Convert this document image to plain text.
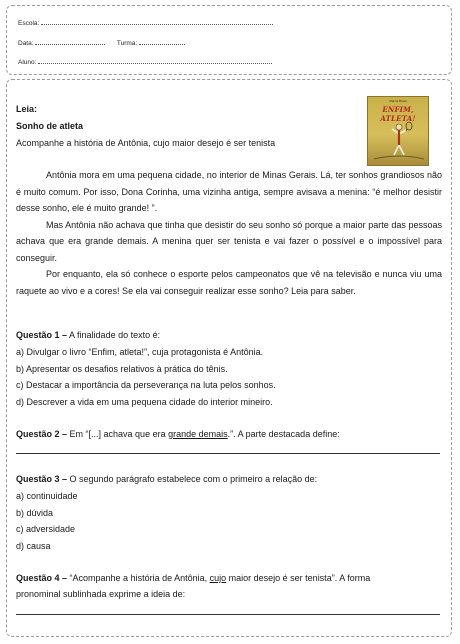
Escola:
Data:	Turma:
Aluno:
Leia:
Sonho de atleta
Acompanhe a história de Antônia, cujo maior desejo é ser tenista
Marcia Brasil
ENFIM, ATLETA!

Antônia mora em uma pequena cidade, no interior de Minas Gerais. Lá, ter sonhos grandiosos não é muito comum. Por isso, Dona Corinha, uma vizinha antiga, sempre avisava a menina: “é melhor desistir desse sonho, ele é muito grande! ”.

Mas Antônia não achava que tinha que desistir do seu sonho só porque a maior parte das pessoas achava que era grande demais. A menina quer ser tenista e vai fazer o possível e o impossível para conseguir.

Por enquanto, ela só conhece o esporte pelos campeonatos que vê na televisão e nunca viu uma raquete ao vivo e a cores! Se ela vai conseguir realizar esse sonho? Leia para saber.

Questão 1 – A finalidade do texto é:
a) Divulgar o livro “Enfim, atleta!”, cuja protagonista é Antônia.
b) Apresentar os desafios relativos à prática do tênis.
c) Destacar a importância da perseverança na luta pelos sonhos.
d) Descrever a vida em uma pequena cidade do interior mineiro.
Questão 2 – Em “[...] achava que era grande demais.”. A parte destacada define:
Questão 3 – O segundo parágrafo estabelece com o primeiro a relação de:
a) continuidade
b) dúvida
c) adversidade
d) causa
Questão 4 – “Acompanhe a história de Antônia, cujo maior desejo é ser tenista”. A forma
pronominal sublinhada exprime a ideia de:
